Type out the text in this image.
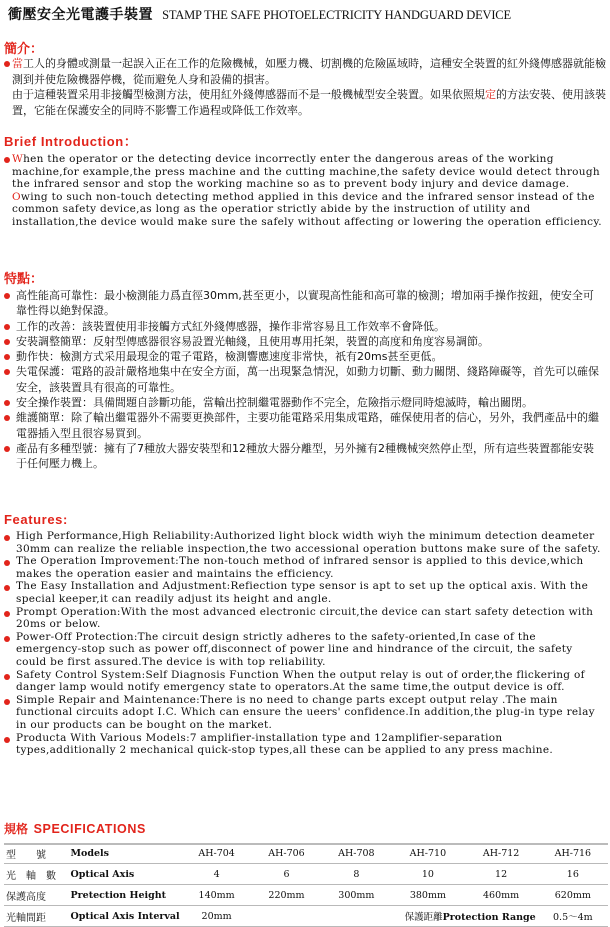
衝壓安全光電護手裝置 STAMP THE SAFE PHOTOELECTRICITY HANDGUARD DEVICE
簡介：
當工人的身體或測量一起誤入正在工作的危險機械，如壓力機、切割機的危險區域時，這種安全裝置的紅外綫傳感器就能檢測到并使危險機器停機，從而避免人身和設備的損害。
由于這種裝置采用非接觸型檢測方法，使用紅外綫傳感器而不是一般機械型安全裝置。如果依照規定的方法安裝、使用該裝置，它能在保護安全的同時不影響工作過程或降低工作效率。
Brief Introduction：
When the operator or the detecting device incorrectly enter the dangerous areas of the working machine,for example,the press machine and the cutting machine,the safety device would detect through the infrared sensor and stop the working machine so as to prevent body injury and device damage.
Owing to such non-touch detecting method applied in this device and the infrared sensor instead of the common safety device,as long as the operatior strictly abide by the instruction of utility and installation,the device would make sure the safely without affecting or lowering the operation efficiency.
特點：
高性能高可靠性：最小檢測能力爲直徑30mm,甚至更小，以實現高性能和高可靠的檢測；增加兩手操作按鈕，使安全可靠性得以絶對保證。
工作的改善：該裝置使用非接觸方式紅外綫傳感器，操作非常容易且工作效率不會降低。
安裝調整簡單：反射型傳感器很容易設置光軸綫，且使用專用托架，裝置的高度和角度容易調節。
動作快：檢測方式采用最現金的電子電路，檢測響應速度非常快，祇有20ms甚至更低。
失電保護：電路的設計嚴格地集中在安全方面，萬一出現緊急情況，如動力切斷、動力關閉、綫路障礙等，首先可以確保安全，該裝置具有很高的可靠性。
安全操作裝置：具備間題自診斷功能，當輸出控制繼電器動作不完全，危險指示燈同時熄滅時，輸出關閉。
維護簡單：除了輸出繼電器外不需要更換部件，主要功能電路采用集成電路，確保使用者的信心，另外，我們產品中的繼電器插入型且很容易買到。
產品有多種型號：擁有了7種放大器安裝型和12種放大器分離型，另外擁有2種機械突然停止型，所有這些裝置都能安裝于任何壓力機上。
Features:
High Performance,High Reliability:Authorized light block width wiyh the minimum detection deameter 30mm can realize the reliable inspection,the two accessional operation buttons make sure of the safety.
The Operation Improvement:The non-touch method of infrared sensor is applied to this device,which makes the operation easier and maintains the efficiency.
The Easy Installation and Adjustment:Refiection type sensor is apt to set up the optical axis. With the special keeper,it can readily adjust its height and angle.
Prompt Operation:With the most advanced electronic circuit,the device can start safety detection with 20ms or below.
Power-Off Protection:The circuit design strictly adheres to the safety-oriented,In case of the emergency-stop such as power off,disconnect of power line and hindrance of the circuit, the safety could be first assured.The device is with top reliability.
Safety Control System:Self Diagnosis Function When the output relay is out of order,the flickering of danger lamp would notify emergency state to operators.At the same time,the output device is off.
Simple Repair and Maintenance:There is no need to change parts except output relay .The main functional circuits adopt I.C. Which can ensure the ueers' confidence.In addition,the plug-in type relay in our products can be bought on the market.
Producta With Various Models:7 amplifier-installation type and 12amplifier-separation types,additionally 2 mechanical quick-stop types,all these can be applied to any press machine.
規格 SPECIFICATIONS
型　　號	Models	AH-704	AH-706	AH-708	AH-710	AH-712	AH-716
光　軸　數	Optical Axis	4	6	8	10	12	16
保護高度	Pretection Height	140mm	220mm	300mm	380mm	460mm	620mm
光軸間距	Optical Axis Interval	20mm			保護距離Protection Range		0.5～4m
